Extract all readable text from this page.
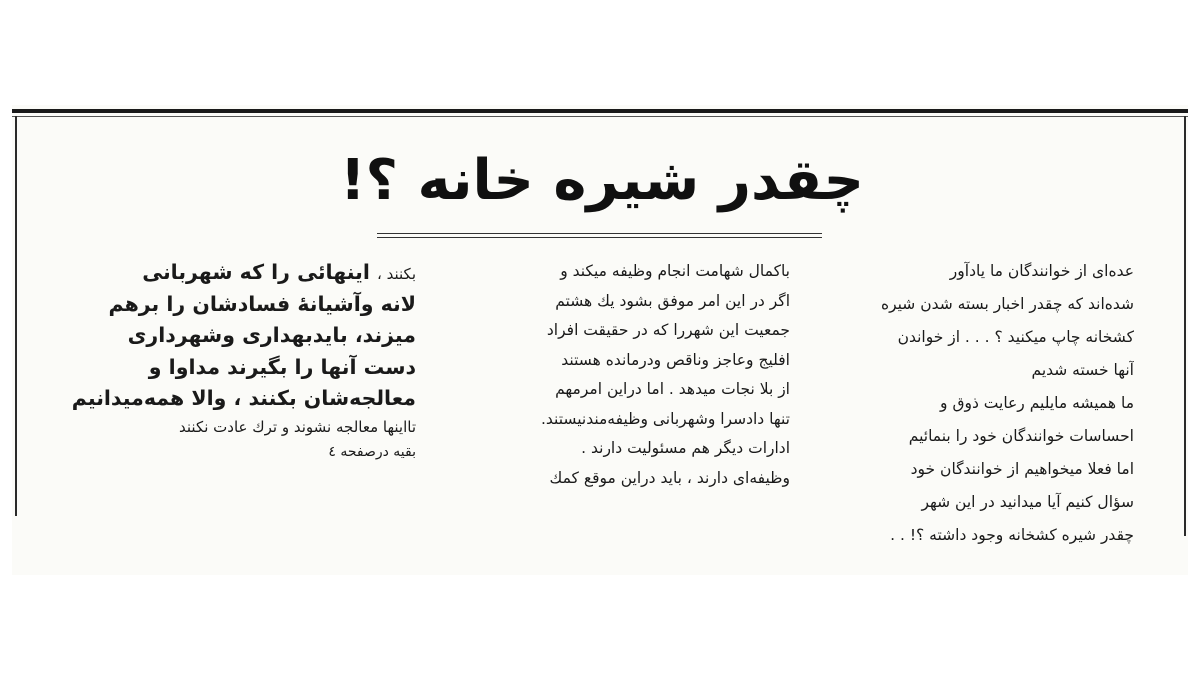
چقدر شیره خانه ؟!
عده‌ای از خوانندگان ما یادآور
شده‌اند که چقدر اخبار بسته شدن شیره
کشخانه چاپ میکنید ؟ . . . از خواندن
آنها خسته شدیم
ما همیشه مایلیم رعایت ذوق و
احساسات خوانندگان خود را بنمائیم
اما فعلا میخواهیم از خوانندگان خود
سؤال کنیم آیا میدانید در این شهر
چقدر شیره کشخانه وجود داشته ؟! . .
باکمال شهامت انجام وظیفه میکند و
اگر در این امر موفق بشود یك هشتم
جمعیت این شهررا که در حقیقت افراد
افلیج وعاجز وناقص ودرمانده هستند
از بلا نجات میدهد . اما دراین امرمهم
تنها دادسرا وشهربانی وظیفه‌مندنیستند.
ادارات دیگر هم مسئولیت دارند .
وظیفه‌ای دارند ، باید دراین موقع کمك
بکنند ، اینهائی را که شهربانی
لانه وآشیانهٔ فسادشان را برهم
میزند، بایدبهداری وشهرداری
دست آنها را بگیرند مداوا و
معالجه‌شان بکنند ، والا همه‌میدانیم
تااینها معالجه نشوند و ترك عادت نکنند
بقیه درصفحه ٤
